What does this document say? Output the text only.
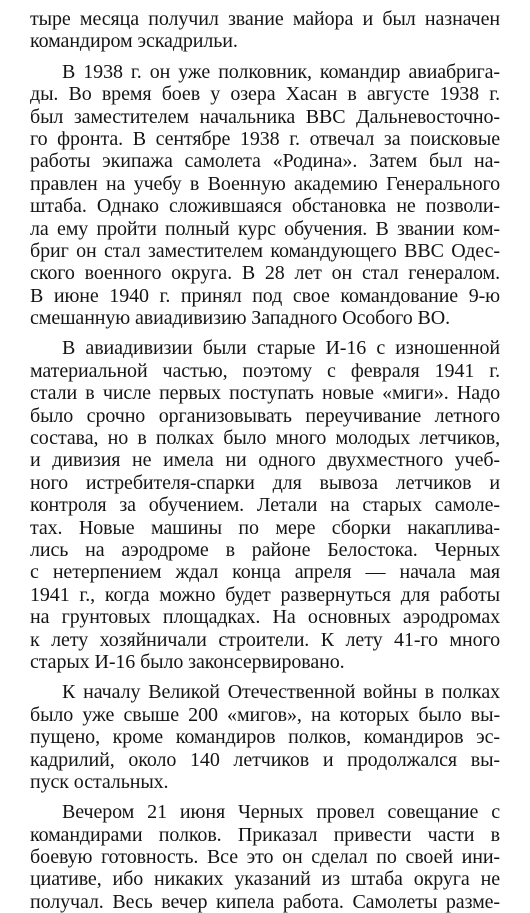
тыре месяца получил звание майора и был назначен
командиром эскадрильи.
В 1938 г. он уже полковник, командир авиабрига-
ды. Во время боев у озера Хасан в августе 1938 г.
был заместителем начальника ВВС Дальневосточно-
го фронта. В сентябре 1938 г. отвечал за поисковые
работы экипажа самолета «Родина». Затем был на-
правлен на учебу в Военную академию Генерального
штаба. Однако сложившаяся обстановка не позволи-
ла ему пройти полный курс обучения. В звании ком-
бриг он стал заместителем командующего ВВС Одес-
ского военного округа. В 28 лет он стал генералом.
В июне 1940 г. принял под свое командование 9-ю
смешанную авиадивизию Западного Особого ВО.
В авиадивизии были старые И-16 с изношенной
материальной частью, поэтому с февраля 1941 г.
стали в числе первых поступать новые «миги». Надо
было срочно организовывать переучивание летного
состава, но в полках было много молодых летчиков,
и дивизия не имела ни одного двухместного учеб-
ного истребителя-спарки для вывоза летчиков и
контроля за обучением. Летали на старых самоле-
тах. Новые машины по мере сборки накаплива-
лись на аэродроме в районе Белостока. Черных
с нетерпением ждал конца апреля — начала мая
1941 г., когда можно будет развернуться для работы
на грунтовых площадках. На основных аэродромах
к лету хозяйничали строители. К лету 41-го много
старых И-16 было законсервировано.
К началу Великой Отечественной войны в полках
было уже свыше 200 «мигов», на которых было вы-
пущено, кроме командиров полков, командиров эс-
кадрилий, около 140 летчиков и продолжался вы-
пуск остальных.
Вечером 21 июня Черных провел совещание с
командирами полков. Приказал привести части в
боевую готовность. Все это он сделал по своей ини-
циативе, ибо никаких указаний из штаба округа не
получал. Весь вечер кипела работа. Самолеты разме-
